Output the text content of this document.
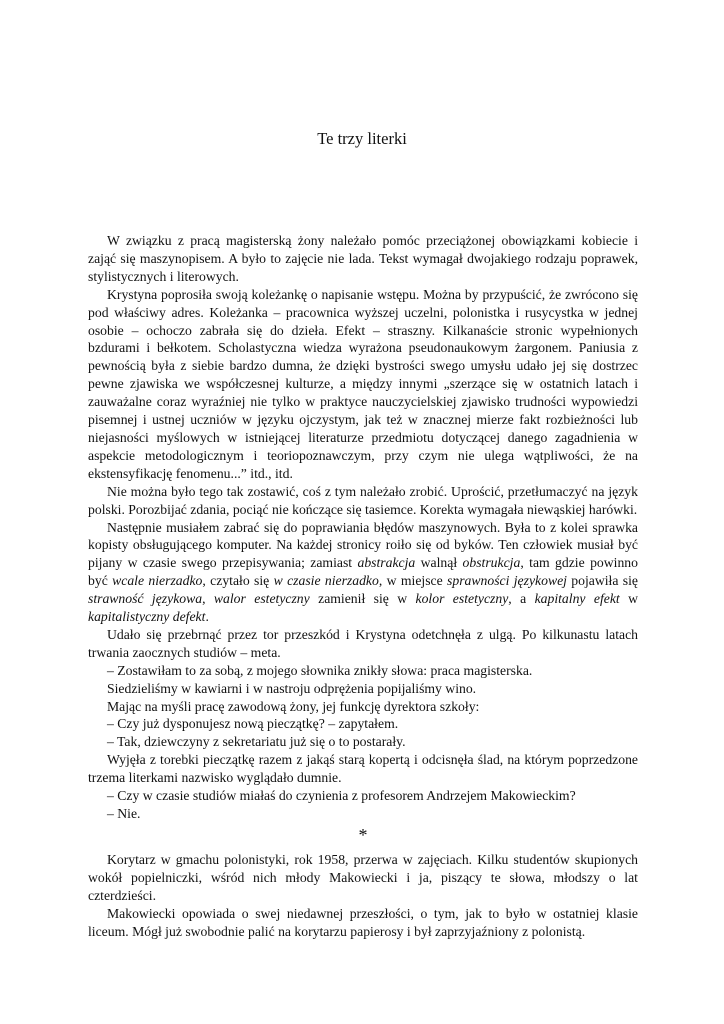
Te trzy literki

W związku z pracą magisterską żony należało pomóc przeciążonej obowiązkami kobiecie i zająć się maszynopisem. A było to zajęcie nie lada. Tekst wymagał dwojakiego rodzaju poprawek, stylistycznych i literowych.

Krystyna poprosiła swoją koleżankę o napisanie wstępu. Można by przypuścić, że zwrócono się pod właściwy adres. Koleżanka – pracownica wyższej uczelni, polonistka i rusycystka w jednej osobie – ochoczo zabrała się do dzieła. Efekt – straszny. Kilkanaście stronic wypełnionych bzdurami i bełkotem. Scholastyczna wiedza wyrażona pseudonaukowym żargonem. Paniusia z pewnością była z siebie bardzo dumna, że dzięki bystrości swego umysłu udało jej się dostrzec pewne zjawiska we współczesnej kulturze, a między innymi „szerzące się w ostatnich latach i zauważalne coraz wyraźniej nie tylko w praktyce nauczycielskiej zjawisko trudności wypowiedzi pisemnej i ustnej uczniów w języku ojczystym, jak też w znacznej mierze fakt rozbieżności lub niejasności myślowych w istniejącej literaturze przedmiotu dotyczącej danego zagadnienia w aspekcie metodologicznym i teoriopoznawczym, przy czym nie ulega wątpliwości, że na ekstensyfikację fenomenu...” itd., itd.

Nie można było tego tak zostawić, coś z tym należało zrobić. Uprościć, przetłumaczyć na język polski. Porozbijać zdania, pociąć nie kończące się tasiemce. Korekta wymagała niewąskiej harówki.

Następnie musiałem zabrać się do poprawiania błędów maszynowych. Była to z kolei sprawka kopisty obsługującego komputer. Na każdej stronicy roiło się od byków. Ten człowiek musiał być pijany w czasie swego przepisywania; zamiast abstrakcja walnął obstrukcja, tam gdzie powinno być wcale nierzadko, czytało się w czasie nierzadko, w miejsce sprawności językowej pojawiła się strawność językowa, walor estetyczny zamienił się w kolor estetyczny, a kapitalny efekt w kapitalistyczny defekt.

Udało się przebrnąć przez tor przeszkód i Krystyna odetchnęła z ulgą. Po kilkunastu latach trwania zaocznych studiów – meta.

– Zostawiłam to za sobą, z mojego słownika znikły słowa: praca magisterska.

Siedzieliśmy w kawiarni i w nastroju odprężenia popijaliśmy wino.

Mając na myśli pracę zawodową żony, jej funkcję dyrektora szkoły:

– Czy już dysponujesz nową pieczątkę? – zapytałem.

– Tak, dziewczyny z sekretariatu już się o to postarały.

Wyjęła z torebki pieczątkę razem z jakąś starą kopertą i odcisnęła ślad, na którym poprzedzone trzema literkami nazwisko wyglądało dumnie.

– Czy w czasie studiów miałaś do czynienia z profesorem Andrzejem Makowieckim?

– Nie.

*

Korytarz w gmachu polonistyki, rok 1958, przerwa w zajęciach. Kilku studentów skupionych wokół popielniczki, wśród nich młody Makowiecki i ja, piszący te słowa, młodszy o lat czterdzieści.

Makowiecki opowiada o swej niedawnej przeszłości, o tym, jak to było w ostatniej klasie liceum. Mógł już swobodnie palić na korytarzu papierosy i był zaprzyjaźniony z polonistą.
